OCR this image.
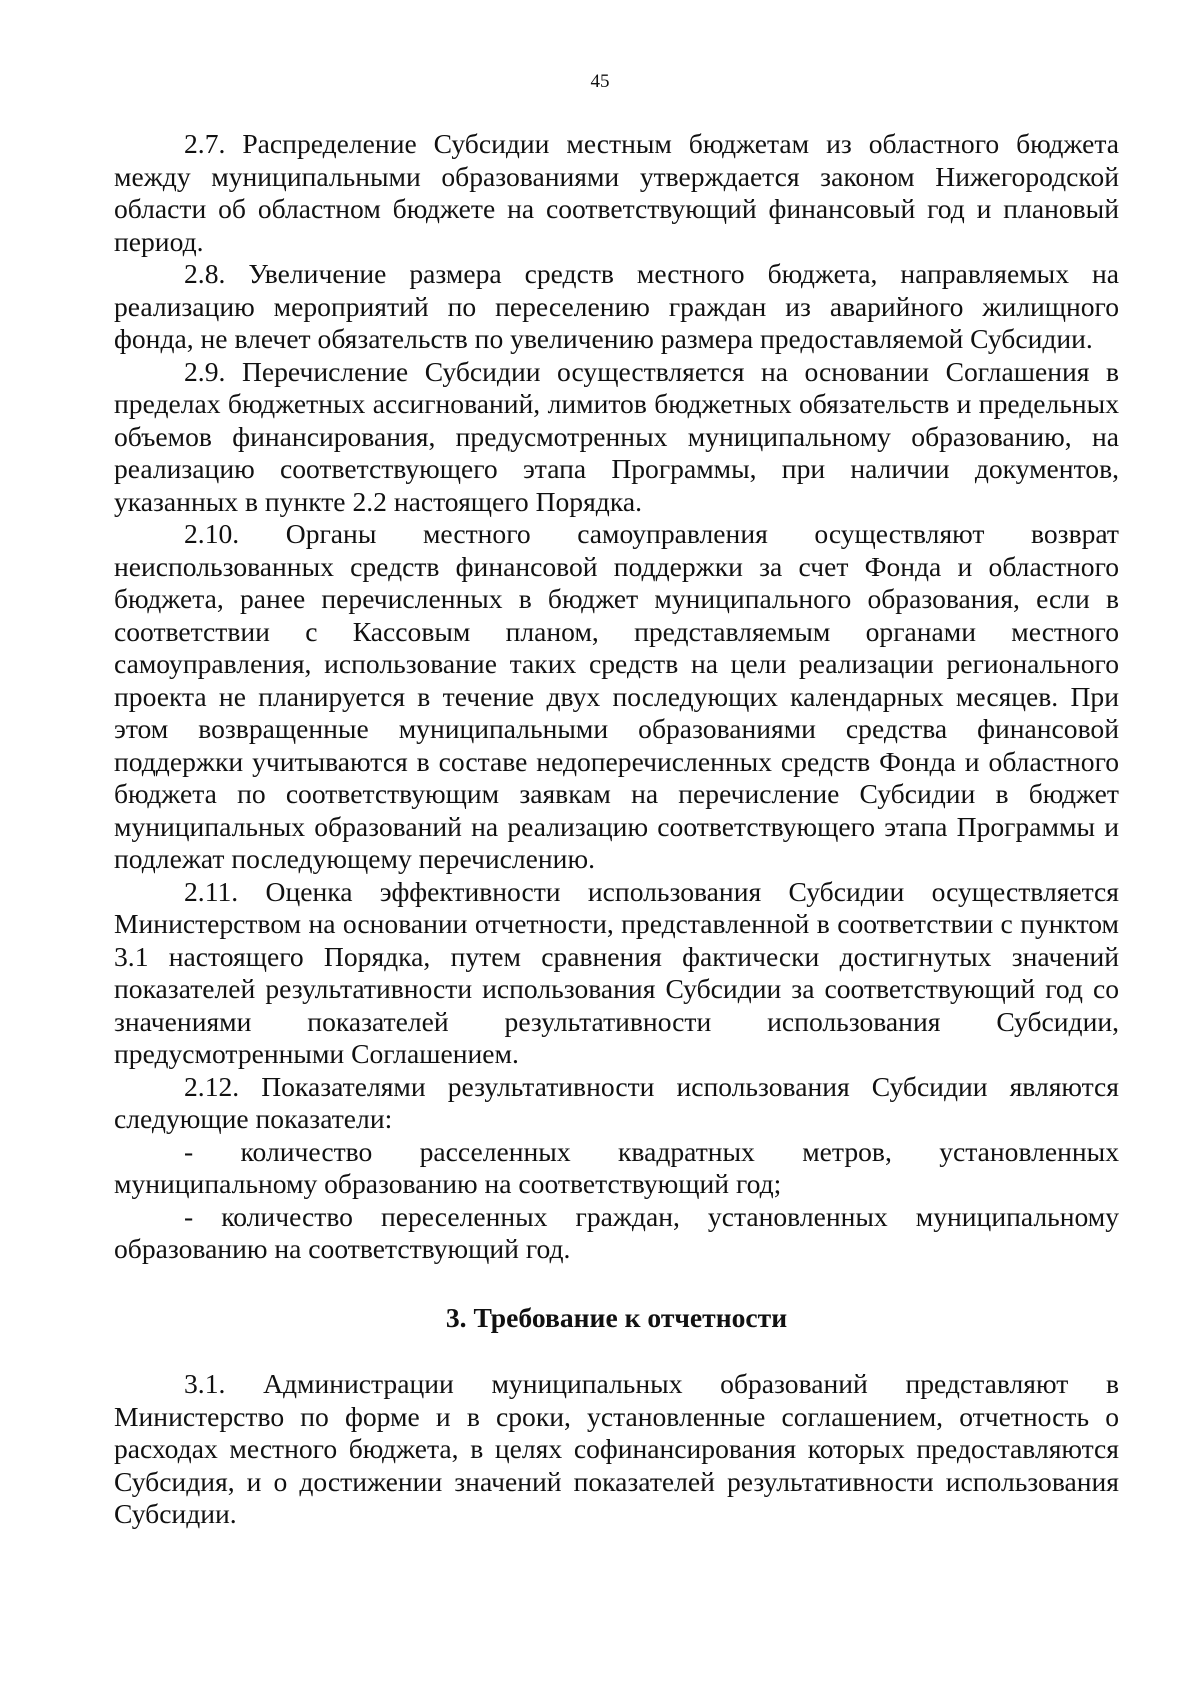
45

2.7. Распределение Субсидии местным бюджетам из областного бюджета между муниципальными образованиями утверждается законом Нижегородской области об областном бюджете на соответствующий финансовый год и плановый период.

2.8. Увеличение размера средств местного бюджета, направляемых на реализацию мероприятий по переселению граждан из аварийного жилищного фонда, не влечет обязательств по увеличению размера предоставляемой Субсидии.

2.9. Перечисление Субсидии осуществляется на основании Соглашения в пределах бюджетных ассигнований, лимитов бюджетных обязательств и предельных объемов финансирования, предусмотренных муниципальному образованию, на реализацию соответствующего этапа Программы, при наличии документов, указанных в пункте 2.2 настоящего Порядка.

2.10. Органы местного самоуправления осуществляют возврат неиспользованных средств финансовой поддержки за счет Фонда и областного бюджета, ранее перечисленных в бюджет муниципального образования, если в соответствии с Кассовым планом, представляемым органами местного самоуправления, использование таких средств на цели реализации регионального проекта не планируется в течение двух последующих календарных месяцев. При этом возвращенные муниципальными образованиями средства финансовой поддержки учитываются в составе недоперечисленных средств Фонда и областного бюджета по соответствующим заявкам на перечисление Субсидии в бюджет муниципальных образований на реализацию соответствующего этапа Программы и подлежат последующему перечислению.

2.11. Оценка эффективности использования Субсидии осуществляется Министерством на основании отчетности, представленной в соответствии с пунктом 3.1 настоящего Порядка, путем сравнения фактически достигнутых значений показателей результативности использования Субсидии за соответствующий год со значениями показателей результативности использования Субсидии, предусмотренными Соглашением.

2.12. Показателями результативности использования Субсидии являются следующие показатели:

- количество расселенных квадратных метров, установленных муниципальному образованию на соответствующий год;

- количество переселенных граждан, установленных муниципальному образованию на соответствующий год.

3. Требование к отчетности

3.1. Администрации муниципальных образований представляют в Министерство по форме и в сроки, установленные соглашением, отчетность о расходах местного бюджета, в целях софинансирования которых предоставляются Субсидия, и о достижении значений показателей результативности использования Субсидии.
